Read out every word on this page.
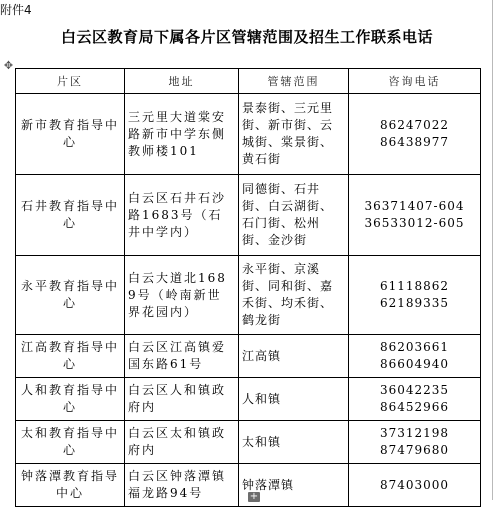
附件4
白云区教育局下属各片区管辖范围及招生工作联系电话
✥
片区	地址	管辖范围	咨询电话
新市教育指导中心	三元里大道棠安路新市中学东侧教师楼101	景泰街、三元里街、新市街、云城街、棠景街、黄石街	86247022
86438977

石井教育指导中心	白云区石井石沙路1683号（石井中学内）	同德街、石井街、白云湖街、石门街、松州街、金沙街	36371407-604
36533012-605

永平教育指导中心	白云大道北1689号（岭南新世界花园内）	永平街、京溪街、同和街、嘉禾街、均禾街、鹤龙街	61118862
62189335

江高教育指导中心	白云区江高镇爱国东路61号	江高镇	86203661
86604940

人和教育指导中心	白云区人和镇政府内	人和镇	36042235
86452966

太和教育指导中心	白云区太和镇政府内	太和镇	37312198
87479680

钟落潭教育指导中心	白云区钟落潭镇福龙路94号	钟落潭镇	87403000
+
